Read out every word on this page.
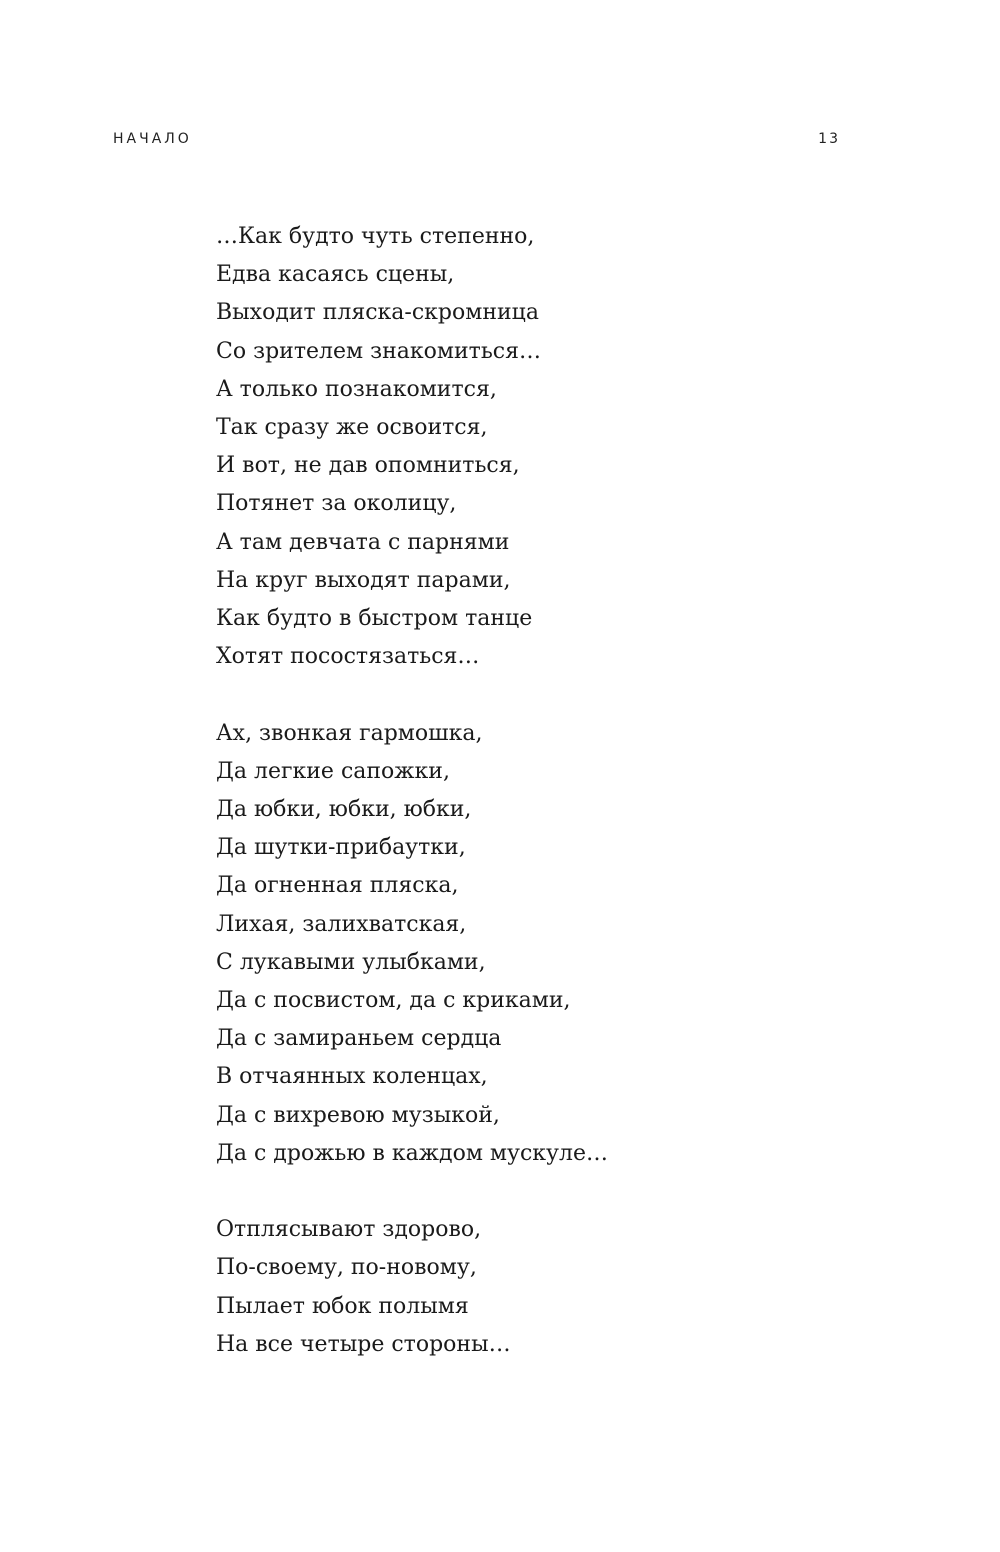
НАЧАЛО	13
…Как будто чуть степенно,
Едва касаясь сцены,
Выходит пляска-скромница
Со зрителем знакомиться…
А только познакомится,
Так сразу же освоится,
И вот, не дав опомниться,
Потянет за околицу,
А там девчата с парнями
На круг выходят парами,
Как будто в быстром танце
Хотят посостязаться…
Ах, звонкая гармошка,
Да легкие сапожки,
Да юбки, юбки, юбки,
Да шутки-прибаутки,
Да огненная пляска,
Лихая, залихватская,
С лукавыми улыбками,
Да с посвистом, да с криками,
Да с замираньем сердца
В отчаянных коленцах,
Да с вихревою музыкой,
Да с дрожью в каждом мускуле…
Отплясывают здорово,
По-своему, по-новому,
Пылает юбок полымя
На все четыре стороны…
